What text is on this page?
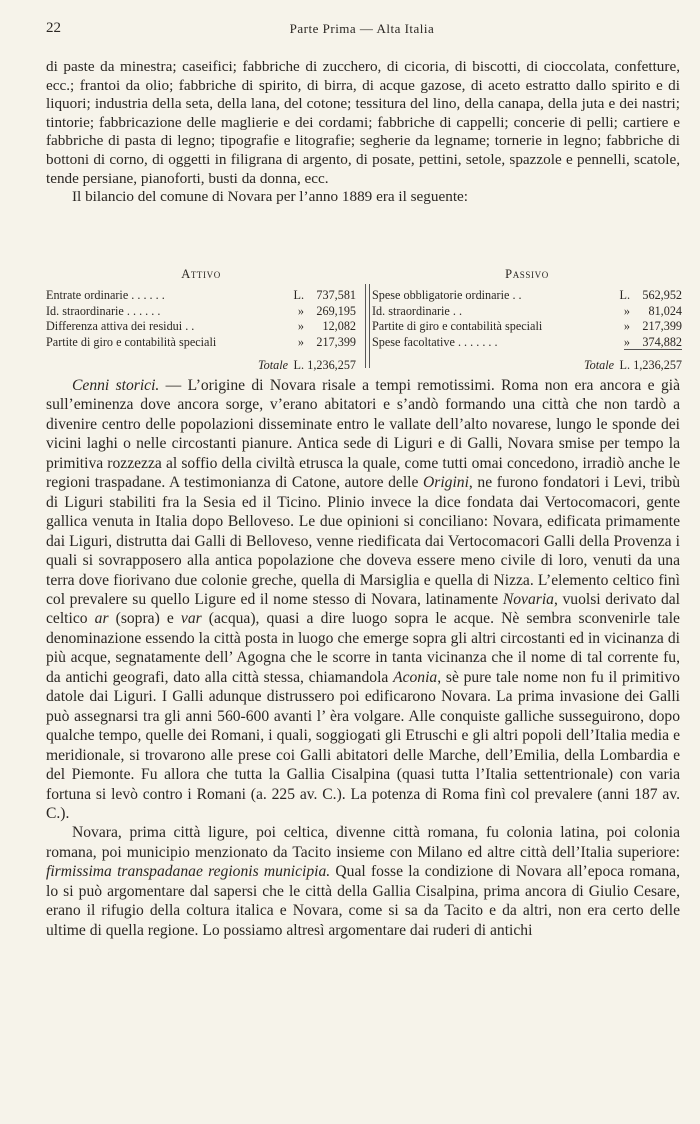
22	Parte Prima — Alta Italia

di paste da minestra; caseifici; fabbriche di zucchero, di cicoria, di biscotti, di cioccolata, confetture, ecc.; frantoi da olio; fabbriche di spirito, di birra, di acque gazose, di aceto estratto dallo spirito e di liquori; industria della seta, della lana, del cotone; tessitura del lino, della canapa, della juta e dei nastri; tintorie; fabbricazione delle maglierie e dei cordami; fabbriche di cappelli; concerie di pelli; cartiere e fabbriche di pasta di legno; tipografie e litografie; segherie da legname; tornerie in legno; fabbriche di bottoni di corno, di oggetti in filigrana di argento, di posate, pettini, setole, spazzole e pennelli, scatole, tende persiane, pianoforti, busti da donna, ecc.

Il bilancio del comune di Novara per l’anno 1889 era il seguente:

Attivo
Entrate ordinarie . . . . . .	L. 737,581
Id. straordinarie . . . . . .	» 269,195
Differenza attiva dei residui . .	» 12,082
Partite di giro e contabilità speciali	» 217,399
Totale L. 1,236,257
Passivo
Spese obbligatorie ordinarie . .	L. 562,952
Id. straordinarie . .	» 81,024
Partite di giro e contabilità speciali	» 217,399
Spese facoltative . . . . . . .	» 374,882
Totale L. 1,236,257

Cenni storici. — L’origine di Novara risale a tempi remotissimi. Roma non era ancora e già sull’eminenza dove ancora sorge, v’erano abitatori e s’andò formando una città che non tardò a divenire centro delle popolazioni disseminate entro le vallate dell’alto novarese, lungo le sponde dei vicini laghi o nelle circostanti pianure. Antica sede di Liguri e di Galli, Novara smise per tempo la primitiva rozzezza al soffio della civiltà etrusca la quale, come tutti omai concedono, irradiò anche le regioni traspadane. A testimonianza di Catone, autore delle Origini, ne furono fondatori i Levi, tribù di Liguri stabiliti fra la Sesia ed il Ticino. Plinio invece la dice fondata dai Vertocomacori, gente gallica venuta in Italia dopo Belloveso. Le due opinioni si conciliano: Novara, edificata primamente dai Liguri, distrutta dai Galli di Belloveso, venne riedificata dai Vertocomacori Galli della Provenza i quali si sovrapposero alla antica popolazione che doveva essere meno civile di loro, venuti da una terra dove fiorivano due colonie greche, quella di Marsiglia e quella di Nizza. L’elemento celtico finì col prevalere su quello Ligure ed il nome stesso di Novara, latinamente Novaria, vuolsi derivato dal celtico ar (sopra) e var (acqua), quasi a dire luogo sopra le acque. Nè sembra sconvenirle tale denominazione essendo la città posta in luogo che emerge sopra gli altri circostanti ed in vicinanza di più acque, segnatamente dell’ Agogna che le scorre in tanta vicinanza che il nome di tal corrente fu, da antichi geografi, dato alla città stessa, chiamandola Aconia, sè pure tale nome non fu il primitivo datole dai Liguri. I Galli adunque distrussero poi edificarono Novara. La prima invasione dei Galli può assegnarsi tra gli anni 560-600 avanti l’ èra volgare. Alle conquiste galliche susseguirono, dopo qualche tempo, quelle dei Romani, i quali, soggiogati gli Etruschi e gli altri popoli dell’Italia media e meridionale, si trovarono alle prese coi Galli abitatori delle Marche, dell’Emilia, della Lombardia e del Piemonte. Fu allora che tutta la Gallia Cisalpina (quasi tutta l’Italia settentrionale) con varia fortuna si levò contro i Romani (a. 225 av. C.). La potenza di Roma finì col prevalere (anni 187 av. C.).

Novara, prima città ligure, poi celtica, divenne città romana, fu colonia latina, poi colonia romana, poi municipio menzionato da Tacito insieme con Milano ed altre città dell’Italia superiore: firmissima transpadanae regionis municipia. Qual fosse la condizione di Novara all’epoca romana, lo si può argomentare dal sapersi che le città della Gallia Cisalpina, prima ancora di Giulio Cesare, erano il rifugio della coltura italica e Novara, come si sa da Tacito e da altri, non era certo delle ultime di quella regione. Lo possiamo altresì argomentare dai ruderi di antichi
